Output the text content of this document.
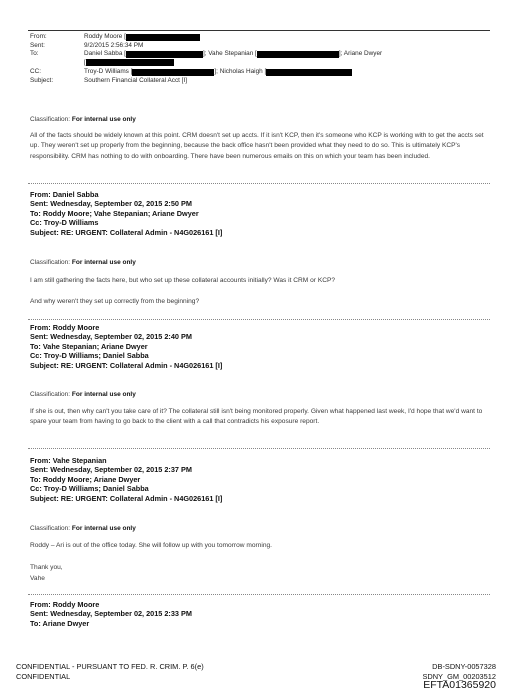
From:	Roddy Moore [
Sent:	9/2/2015 2:56:34 PM
To:	Daniel Sabba [	]; Vahe Stepanian [	]; Ariane Dwyer
CC:	Troy-D Williams [	]; Nicholas Haigh [
Subject:	Southern Financial Collateral Acct [I]
Classification: For internal use only
All of the facts should be widely known at this point. CRM doesn't set up accts. If it isn't KCP, then it's someone who KCP is working with to get the accts set up. They weren't set up properly from the beginning, because the back office hasn't been provided what they need to do so. This is ultimately KCP's responsibility. CRM has nothing to do with onboarding. There have been numerous emails on this on which your team has been included.
From: Daniel Sabba
Sent: Wednesday, September 02, 2015 2:50 PM
To: Roddy Moore; Vahe Stepanian; Ariane Dwyer
Cc: Troy-D Williams
Subject: RE: URGENT: Collateral Admin - N4G026161 [I]
Classification: For internal use only
I am still gathering the facts here, but who set up these collateral accounts initially? Was it CRM or KCP?
And why weren't they set up correctly from the beginning?
From: Roddy Moore
Sent: Wednesday, September 02, 2015 2:40 PM
To: Vahe Stepanian; Ariane Dwyer
Cc: Troy-D Williams; Daniel Sabba
Subject: RE: URGENT: Collateral Admin - N4G026161 [I]
Classification: For internal use only
If she is out, then why can't you take care of it? The collateral still isn't being monitored properly. Given what happened last week, I'd hope that we'd want to spare your team from having to go back to the client with a call that contradicts his exposure report.
From: Vahe Stepanian
Sent: Wednesday, September 02, 2015 2:37 PM
To: Roddy Moore; Ariane Dwyer
Cc: Troy-D Williams; Daniel Sabba
Subject: RE: URGENT: Collateral Admin - N4G026161 [I]
Classification: For internal use only
Roddy – Ari is out of the office today. She will follow up with you tomorrow morning.
Thank you,
Vahe
From: Roddy Moore
Sent: Wednesday, September 02, 2015 2:33 PM
To: Ariane Dwyer
CONFIDENTIAL - PURSUANT TO FED. R. CRIM. P. 6(e)
CONFIDENTIAL
DB-SDNY-0057328
SDNY_GM_00203512
EFTA01365920
